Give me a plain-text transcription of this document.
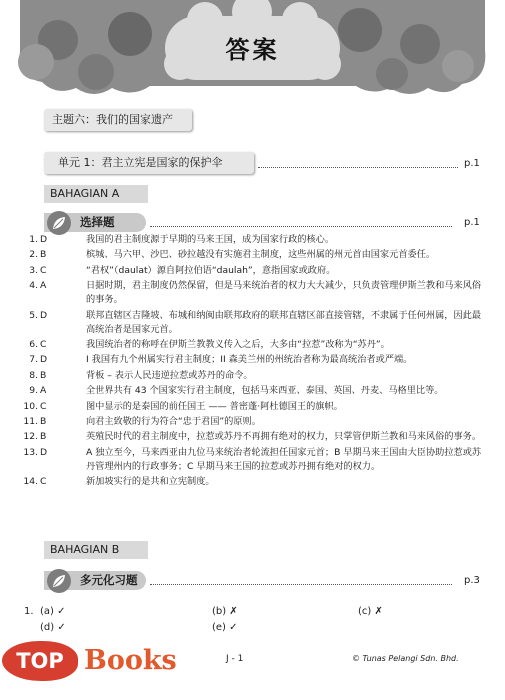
答案
主题六：我们的国家遗产
单元 1：君主立宪是国家的保护伞	p.1
BAHAGIAN A
选择题	p.1
1. D	我国的君主制度源于早期的马来王国，成为国家行政的核心。
2. B	槟城、马六甲、沙巴、砂拉越没有实施君主制度，这些州属的州元首由国家元首委任。
3. C	“君权”（daulat）源自阿拉伯语“daulah”，意指国家或政府。
4. A	日据时期，君主制度仍然保留，但是马来统治者的权力大大减少，只负责管理伊斯兰教和马来风俗的事务。
5. D	联邦直辖区吉隆坡、布城和纳闽由联邦政府的联邦直辖区部直接管辖，不隶属于任何州属，因此最高统治者是国家元首。
6. C	我国统治者的称呼在伊斯兰教教义传入之后，大多由“拉惹”改称为“苏丹”。
7. D	I 我国有九个州属实行君主制度；II 森美兰州的州统治者称为最高统治者或严端。
8. B	背板 – 表示人民违逆拉惹或苏丹的命令。
9. A	全世界共有 43 个国家实行君主制度，包括马来西亚、泰国、英国、丹麦、马格里比等。
10. C	图中显示的是泰国的前任国王 —— 普密蓬·阿杜德国王的旗帜。
11. B	向君主致敬的行为符合“忠于君国”的原则。
12. B	英殖民时代的君主制度中，拉惹或苏丹不再拥有绝对的权力，只掌管伊斯兰教和马来风俗的事务。
13. D	A 独立至今，马来西亚由九位马来统治者轮流担任国家元首；B 早期马来王国由大臣协助拉惹或苏丹管理州内的行政事务；C 早期马来王国的拉惹或苏丹拥有绝对的权力。
14. C	新加坡实行的是共和立宪制度。
BAHAGIAN B
多元化习题	p.3
1. (a) ✓	(b) ✗	(c) ✗
(d) ✓	(e) ✓
J - 1	© Tunas Pelangi Sdn. Bhd.
TOP Books
